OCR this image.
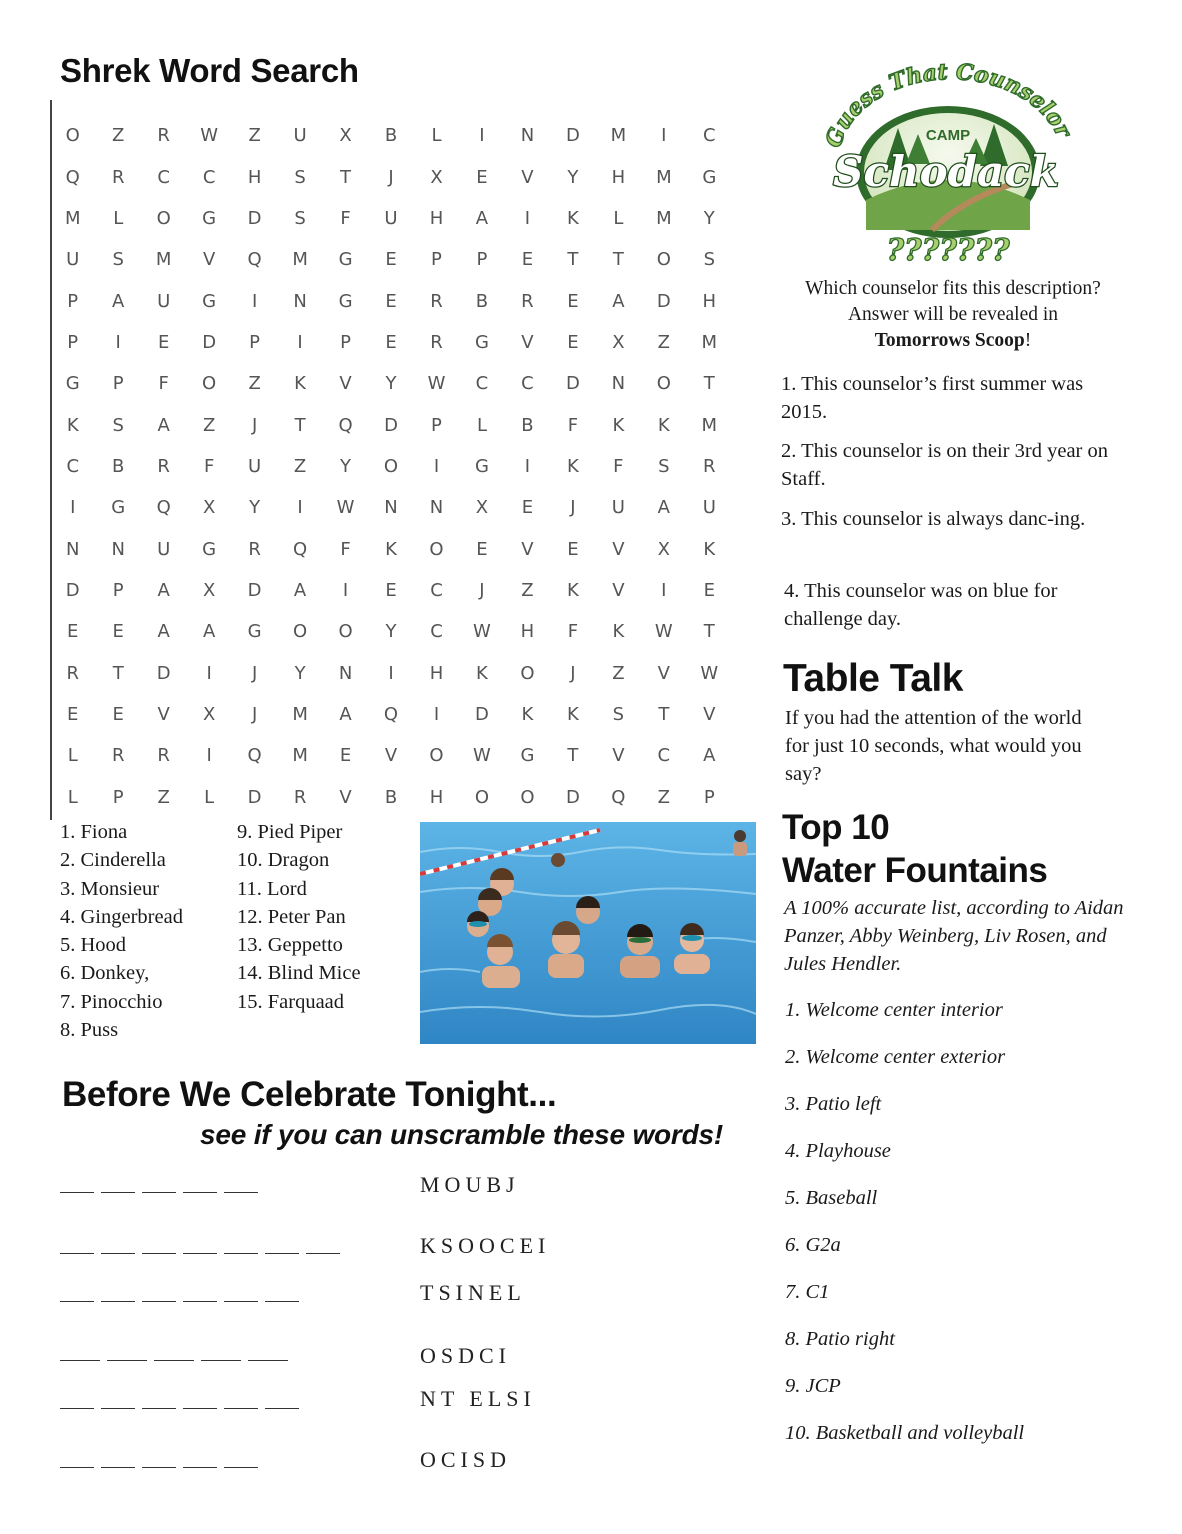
Shrek Word Search
O	Z	R	W	Z	U	X	B	L	I	N	D	M	I	C
Q	R	C	C	H	S	T	J	X	E	V	Y	H	M	G
M	L	O	G	D	S	F	U	H	A	I	K	L	M	Y
U	S	M	V	Q	M	G	E	P	P	E	T	T	O	S
P	A	U	G	I	N	G	E	R	B	R	E	A	D	H
P	I	E	D	P	I	P	E	R	G	V	E	X	Z	M
G	P	F	O	Z	K	V	Y	W	C	C	D	N	O	T
K	S	A	Z	J	T	Q	D	P	L	B	F	K	K	M
C	B	R	F	U	Z	Y	O	I	G	I	K	F	S	R
I	G	Q	X	Y	I	W	N	N	X	E	J	U	A	U
N	N	U	G	R	Q	F	K	O	E	V	E	V	X	K
D	P	A	X	D	A	I	E	C	J	Z	K	V	I	E
E	E	A	A	G	O	O	Y	C	W	H	F	K	W	T
R	T	D	I	J	Y	N	I	H	K	O	J	Z	V	W
E	E	V	X	J	M	A	Q	I	D	K	K	S	T	V
L	R	R	I	Q	M	E	V	O	W	G	T	V	C	A
L	P	Z	L	D	R	V	B	H	O	O	D	Q	Z	P
1. Fiona
2. Cinderella
3. Monsieur
4. Gingerbread
5. Hood
6. Donkey,
7. Pinocchio
8. Puss
9. Pied Piper
10. Dragon
11. Lord
12. Peter Pan
13. Geppetto
14. Blind Mice
15. Farquaad
Before We Celebrate Tonight...
see if you can unscramble these words!
MOUBJ
KSOOCEI
TSINEL
OSDCI
NT ELSI
OCISD
Guess That Counselo
CAMP
Schodack
???????
Which counselor fits this description?
Answer will be revealed in
Tomorrows Scoop!
1. This counselor’s first summer was 2015.
2. This counselor is on their 3rd year on Staff.
3. This counselor is always danc-ing.
4. This counselor was on blue for challenge day.
Table Talk
If you had the attention of the world for just 10 seconds, what would you say?
Top 10
Water Fountains
A 100% accurate list, according to Aidan Panzer, Abby Weinberg, Liv Rosen, and Jules Hendler.
1. Welcome center interior
2. Welcome center exterior
3. Patio left
4. Playhouse
5. Baseball
6. G2a
7. C1
8. Patio right
9. JCP
10. Basketball and volleyball
